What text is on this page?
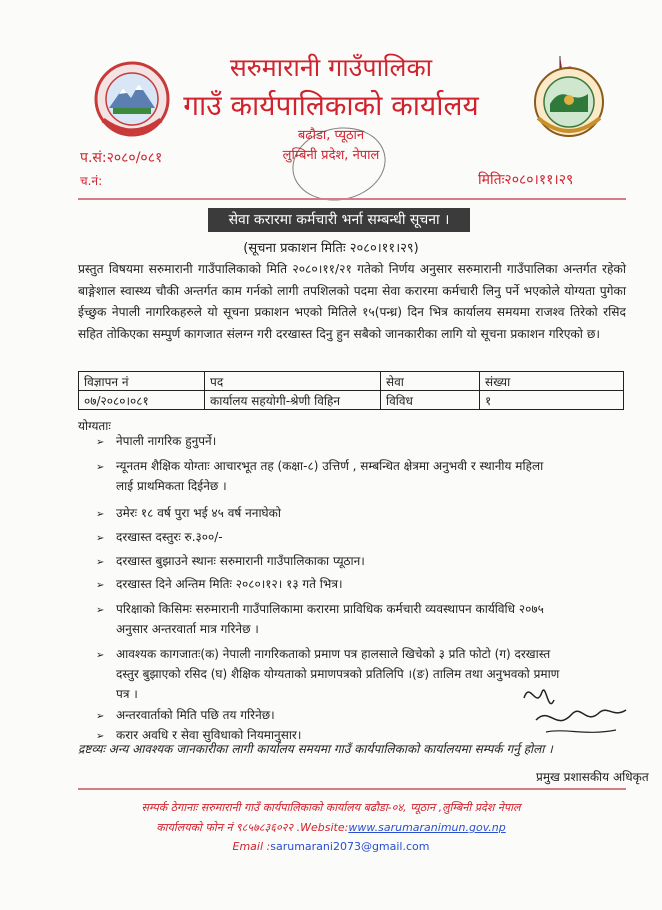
सरुमारानी गाउँपालिका
गाउँ कार्यपालिकाको कार्यालय
बढौडा, प्यूठान
लुम्बिनी प्रदेश, नेपाल
प.सं:२०८०/०८१
च.नं:	मितिः२०८०।११।२९
सेवा करारमा कर्मचारी भर्ना सम्बन्धी सूचना ।
(सूचना प्रकाशन मितिः २०८०।११।२९)
प्रस्तुत विषयमा सरुमारानी गाउँपालिकाको मिति २०८०।११/२१ गतेको निर्णय अनुसार सरुमारानी गाउँपालिका अन्तर्गत रहेको बाङ्गेशाल स्वास्थ्य चौकी अन्तर्गत काम गर्नको लागी तपशिलको पदमा सेवा करारमा कर्मचारी लिनु पर्ने भएकोले योग्यता पुगेका ईच्छुक नेपाली नागरिकहरुले यो सूचना प्रकाशन भएको मितिले १५(पन्ध्र) दिन भित्र कार्यालय समयमा राजश्व तिरेको रसिद सहित तोकिएका सम्पुर्ण कागजात संलग्न गरी दरखास्त दिनु हुन सबैको जानकारीका लागि यो सूचना प्रकाशन गरिएको छ।
विज्ञापन नं	पद	सेवा	संख्या
०७/२०८०।०८१	कार्यालय सहयोगी-श्रेणी विहिन	विविध	१
योग्यताः
➢ नेपाली नागरिक हुनुपर्ने।
➢ न्यूनतम शैक्षिक योग्ताः आचारभूत तह (कक्षा-८) उत्तिर्ण , सम्बन्धित क्षेत्रमा अनुभवी र स्थानीय महिला
लाई प्राथमिकता दिईनेछ ।
➢ उमेरः १८ वर्ष पुरा भई ४५ वर्ष ननाघेको
➢ दरखास्त दस्तुरः रु.३००/-
➢ दरखास्त बुझाउने स्थानः सरुमारानी गाउँपालिकाका प्यूठान।
➢ दरखास्त दिने अन्तिम मितिः २०८०।१२। १३ गते भित्र।
➢ परिक्षाको किसिमः सरुमारानी गाउँपालिकामा करारमा प्राविधिक कर्मचारी व्यवस्थापन कार्यविधि २०७५
अनुसार अन्तरवार्ता मात्र गरिनेछ ।
➢ आवश्यक कागजातः(क) नेपाली नागरिकताको प्रमाण पत्र हालसाले खिचेको ३ प्रति फोटो (ग) दरखास्त
दस्तुर बुझाएको रसिद (घ) शैक्षिक योग्यताको प्रमाणपत्रको प्रतिलिपि ।(ङ) तालिम तथा अनुभवको प्रमाण
पत्र ।
➢ अन्तरवार्ताको मिति पछि तय गरिनेछ।
➢ करार अवधि र सेवा सुविधाको नियमानुसार।
द्रष्टव्यः अन्य आवश्यक जानकारीका लागी कार्यालय समयमा गाउँ कार्यपालिकाको कार्यालयमा सम्पर्क गर्नु होला ।
प्रमुख प्रशासकीय अधिकृत
सम्पर्क ठेगानाः सरुमारानी गाउँ कार्यपालिकाको कार्यालय बढौडा-०४, प्यूठान ,लुम्बिनी प्रदेश नेपाल
कार्यालयको फोन नं ९८५७८३६०२२ .Website:www.sarumaranimun.gov.np
Email :sarumarani2073@gmail.com
